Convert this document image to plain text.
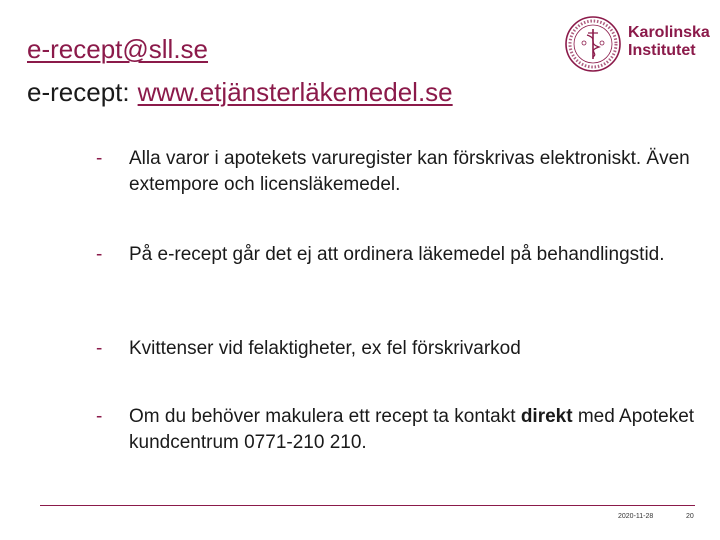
e-recept@sll.se
e-recept: www.etjänsterläkemedel.se
Karolinska
Institutet
- Alla varor i apotekets varuregister kan förskrivas elektroniskt. Även extempore och licensläkemedel.
- På e-recept går det ej att ordinera läkemedel på behandlingstid.
- Kvittenser vid felaktigheter, ex fel förskrivarkod
- Om du behöver makulera ett recept ta kontakt direkt med Apoteket kundcentrum 0771-210 210.
2020-11-28	20
